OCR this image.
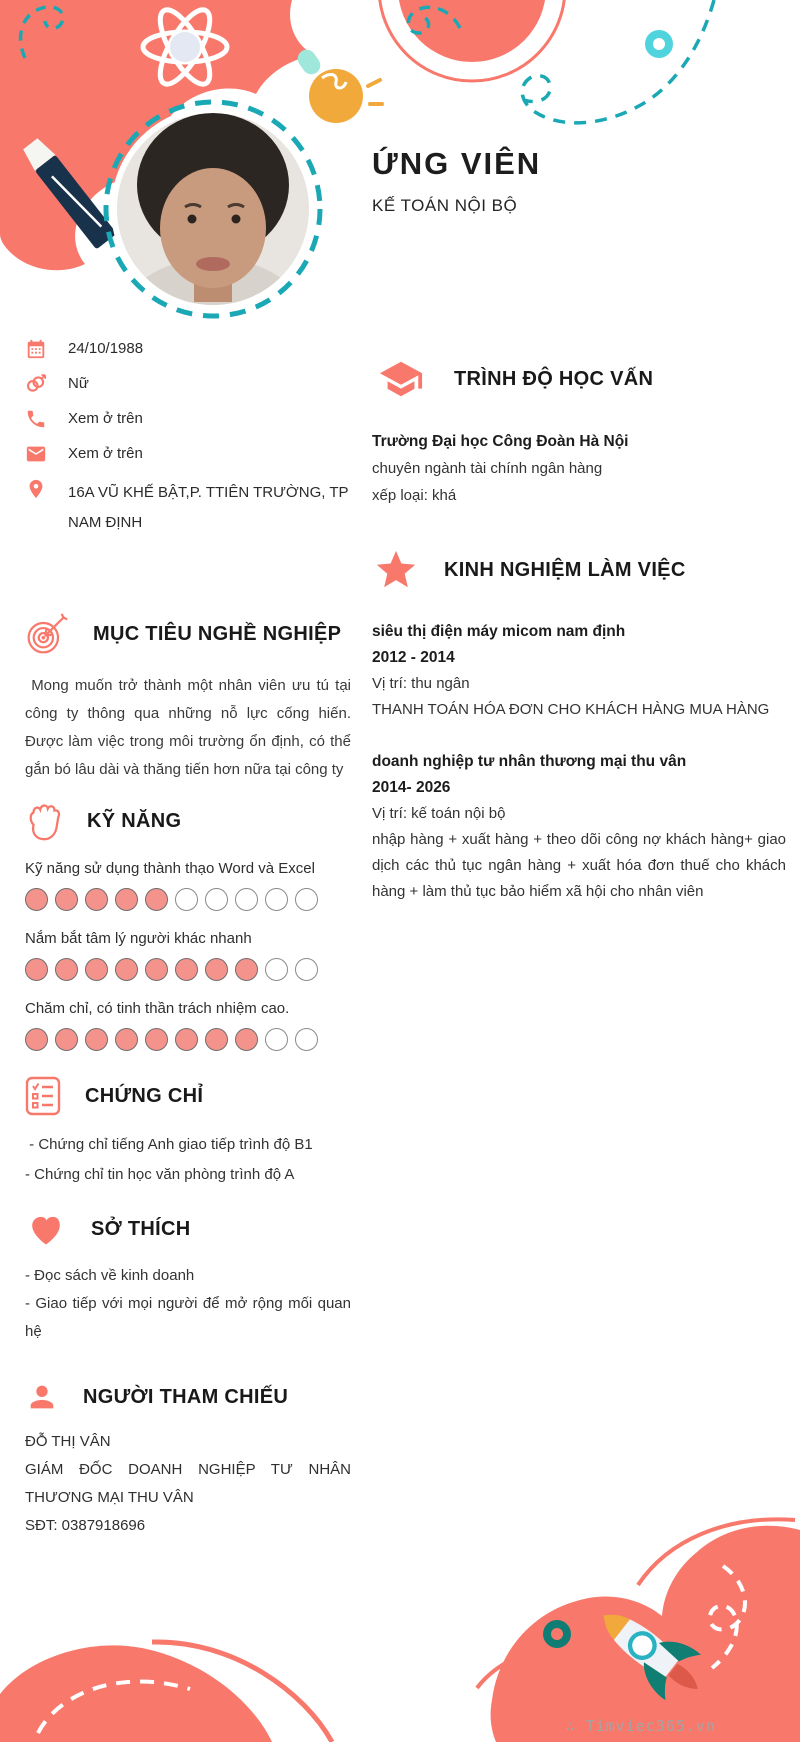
ỨNG VIÊN
KẾ TOÁN NỘI BỘ
24/10/1988
Nữ
Xem ở trên
Xem ở trên
16A VŨ KHẾ BẬT,P. TTIÊN TRƯỜNG, TP NAM ĐỊNH
MỤC TIÊU NGHỀ NGHIỆP

Mong muốn trở thành một nhân viên ưu tú tại công ty thông qua những nỗ lực cống hiến. Được làm việc trong môi trường ổn định, có thể gắn bó lâu dài và thăng tiến hơn nữa tại công ty

KỸ NĂNG
Kỹ năng sử dụng thành thạo Word và Excel
Nắm bắt tâm lý người khác nhanh
Chăm chỉ, có tinh thần trách nhiệm cao.
CHỨNG CHỈ

- Chứng chỉ tiếng Anh giao tiếp trình độ B1

- Chứng chỉ tin học văn phòng trình độ A

SỞ THÍCH

- Đọc sách về kinh doanh

- Giao tiếp với mọi người để mở rộng mối quan hệ

NGƯỜI THAM CHIẾU

ĐỖ THỊ VÂN

GIÁM ĐỐC DOANH NGHIỆP TƯ NHÂN THƯƠNG MẠI THU VÂN

SĐT: 0387918696

TRÌNH ĐỘ HỌC VẤN
Trường Đại học Công Đoàn Hà Nội
chuyên ngành tài chính ngân hàng
xếp loại: khá
KINH NGHIỆM LÀM VIỆC
siêu thị điện máy micom nam định
2012 - 2014
Vị trí: thu ngân
THANH TOÁN HÓA ĐƠN CHO KHÁCH HÀNG MUA HÀNG
doanh nghiệp tư nhân thương mại thu vân
2014- 2026
Vị trí: kế toán nội bộ
nhập hàng + xuất hàng + theo dõi công nợ khách hàng+ giao dịch các thủ tục ngân hàng + xuất hóa đơn thuế cho khách hàng + làm thủ tục bảo hiểm xã hội cho nhân viên
∴ Timviec365.vn
